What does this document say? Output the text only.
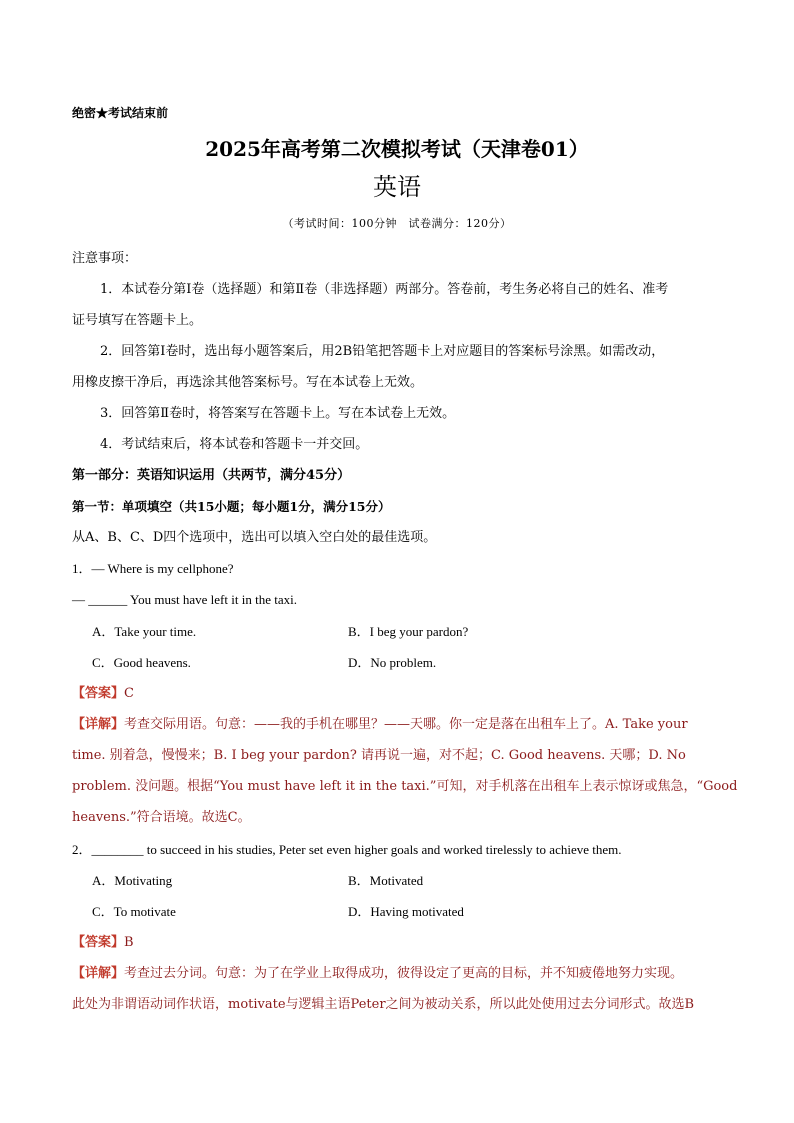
绝密★考试结束前
2025年高考第二次模拟考试（天津卷01）
英语
（考试时间：100分钟　试卷满分：120分）
注意事项：
1．本试卷分第Ⅰ卷（选择题）和第Ⅱ卷（非选择题）两部分。答卷前，考生务必将自己的姓名、准考
证号填写在答题卡上。
2．回答第Ⅰ卷时，选出每小题答案后，用2B铅笔把答题卡上对应题目的答案标号涂黑。如需改动，
用橡皮擦干净后，再选涂其他答案标号。写在本试卷上无效。
3．回答第Ⅱ卷时，将答案写在答题卡上。写在本试卷上无效。
4．考试结束后，将本试卷和答题卡一并交回。
第一部分：英语知识运用（共两节，满分45分）
第一节：单项填空（共15小题；每小题1分，满分15分）
从A、B、C、D四个选项中，选出可以填入空白处的最佳选项。
1．— Where is my cellphone?
— ______ You must have left it in the taxi.
A．Take your time.	B．I beg your pardon?
C．Good heavens.	D．No problem.
【答案】C
【详解】考查交际用语。句意：——我的手机在哪里？——天哪。你一定是落在出租车上了。A. Take your
time. 别着急，慢慢来；B. I beg your pardon? 请再说一遍，对不起；C. Good heavens. 天哪；D. No
problem. 没问题。根据“You must have left it in the taxi.”可知，对手机落在出租车上表示惊讶或焦急，“Good
heavens.”符合语境。故选C。
2．________ to succeed in his studies, Peter set even higher goals and worked tirelessly to achieve them.
A．Motivating	B．Motivated
C．To motivate	D．Having motivated
【答案】B
【详解】考查过去分词。句意：为了在学业上取得成功，彼得设定了更高的目标，并不知疲倦地努力实现。
此处为非谓语动词作状语，motivate与逻辑主语Peter之间为被动关系，所以此处使用过去分词形式。故选B
